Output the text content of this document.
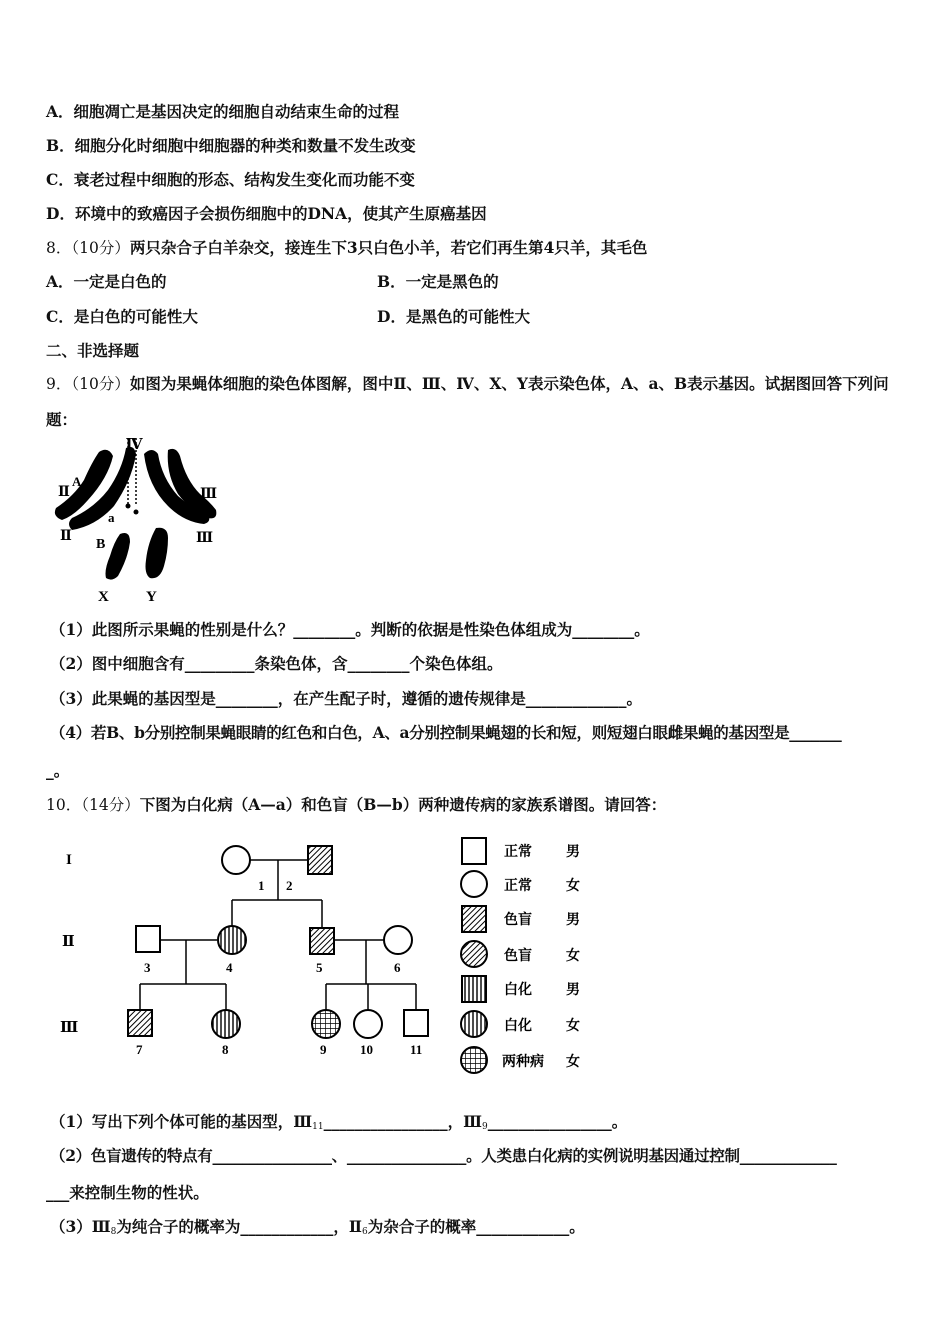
A．细胞凋亡是基因决定的细胞自动结束生命的过程
B．细胞分化时细胞中细胞器的种类和数量不发生改变
C．衰老过程中细胞的形态、结构发生变化而功能不变
D．环境中的致癌因子会损伤细胞中的DNA，使其产生原癌基因
8．（10分）两只杂合子白羊杂交，接连生下3只白色小羊，若它们再生第4只羊，其毛色
A．一定是白色的	B．一定是黑色的
C．是白色的可能性大	D．是黑色的可能性大
二、非选择题
9．（10分）如图为果蝇体细胞的染色体图解，图中Ⅱ、Ⅲ、Ⅳ、X、Y表示染色体，A、a、B表示基因。试据图回答下列问题：
Ⅳ
Ⅱ
A
a
Ⅱ
B
Ⅲ
Ⅲ
X Y
（1）此图所示果蝇的性别是什么？________。判断的依据是性染色体组成为________。
（2）图中细胞含有_________条染色体，含________个染色体组。
（3）此果蝇的基因型是________，在产生配子时，遵循的遗传规律是_____________。
（4）若B、b分别控制果蝇眼睛的红色和白色，A、a分别控制果蝇翅的长和短，则短翅白眼雌果蝇的基因型是_______
_。
10．（14分）下图为白化病（A—a）和色盲（B—b）两种遗传病的家族系谱图。请回答：
I
Ⅱ
Ⅲ
1 2
3	4	5	6
7	8	9	10	11
正常 男
正常 女
色盲 男
色盲 女
白化 男
白化 女
两种病 女
（1）写出下列个体可能的基因型，$Ⅲ_{11}\_\_\_\_\_\_\_\_\_\_\_\_\_\_\_\_$，$Ⅲ_9\_\_\_\_\_\_\_\_\_\_\_\_\_\_\_\_$。
（2）色盲遗传的特点有________________、________________。人类患白化病的实例说明基因通过控制_____________
___来控制生物的性状。
$(3)Ⅲ_8$为纯合子的概率为____________，$Ⅱ_6$为杂合子的概率____________。
